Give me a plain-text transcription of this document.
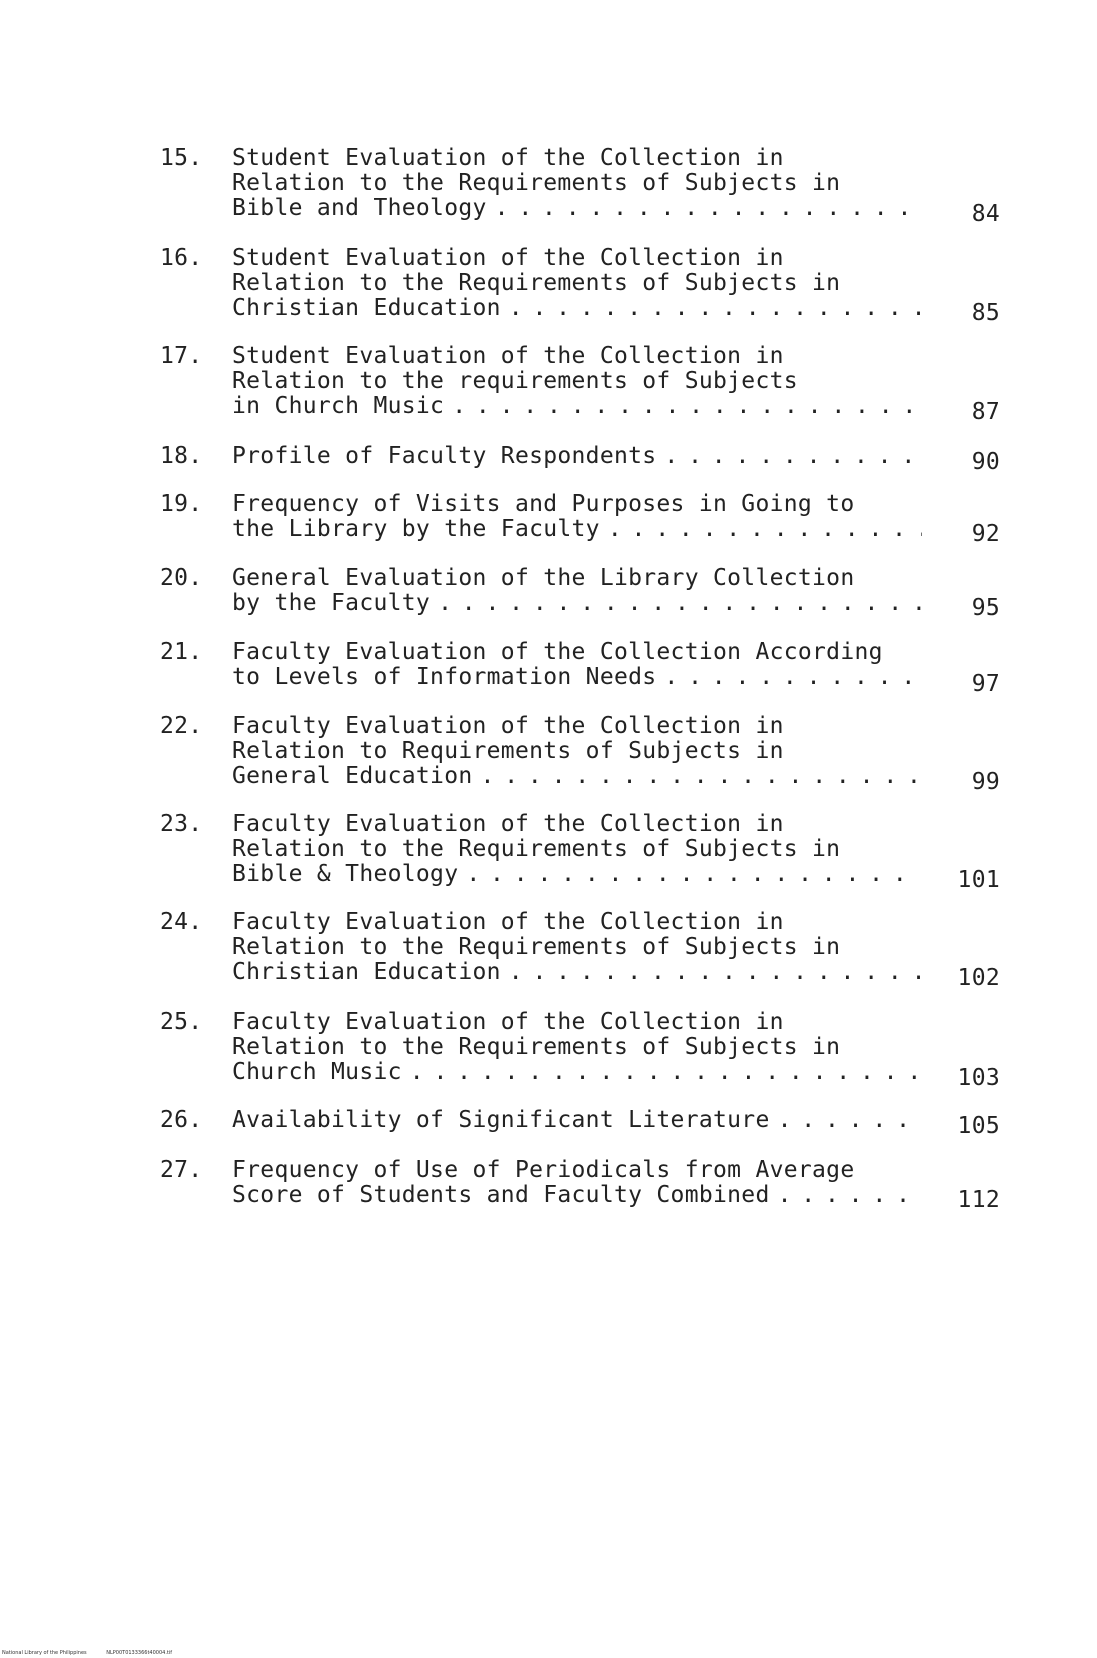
15.	Student Evaluation of the Collection in
Relation to the Requirements of Subjects in
Bible and Theology . . .	84
16.	Student Evaluation of the Collection in
Relation to the Requirements of Subjects in
Christian Education . . .	85
17.	Student Evaluation of the Collection in
Relation to the requirements of Subjects
in Church Music . . .	87
18.	Profile of Faculty Respondents . . .	90
19.	Frequency of Visits and Purposes in Going to
the Library by the Faculty . . .	92
20.	General Evaluation of the Library Collection
by the Faculty . . .	95
21.	Faculty Evaluation of the Collection According
to Levels of Information Needs . . .	97
22.	Faculty Evaluation of the Collection in
Relation to Requirements of Subjects in
General Education . . .	99
23.	Faculty Evaluation of the Collection in
Relation to the Requirements of Subjects in
Bible & Theology . . .	101
24.	Faculty Evaluation of the Collection in
Relation to the Requirements of Subjects in
Christian Education . . .	102
25.	Faculty Evaluation of the Collection in
Relation to the Requirements of Subjects in
Church Music . . .	103
26.	Availability of Significant Literature . . .	105
27.	Frequency of Use of Periodicals from Average
Score of Students and Faculty Combined . . .	112
National Library of the Philippines	NLP00T0133366t40004.tif
